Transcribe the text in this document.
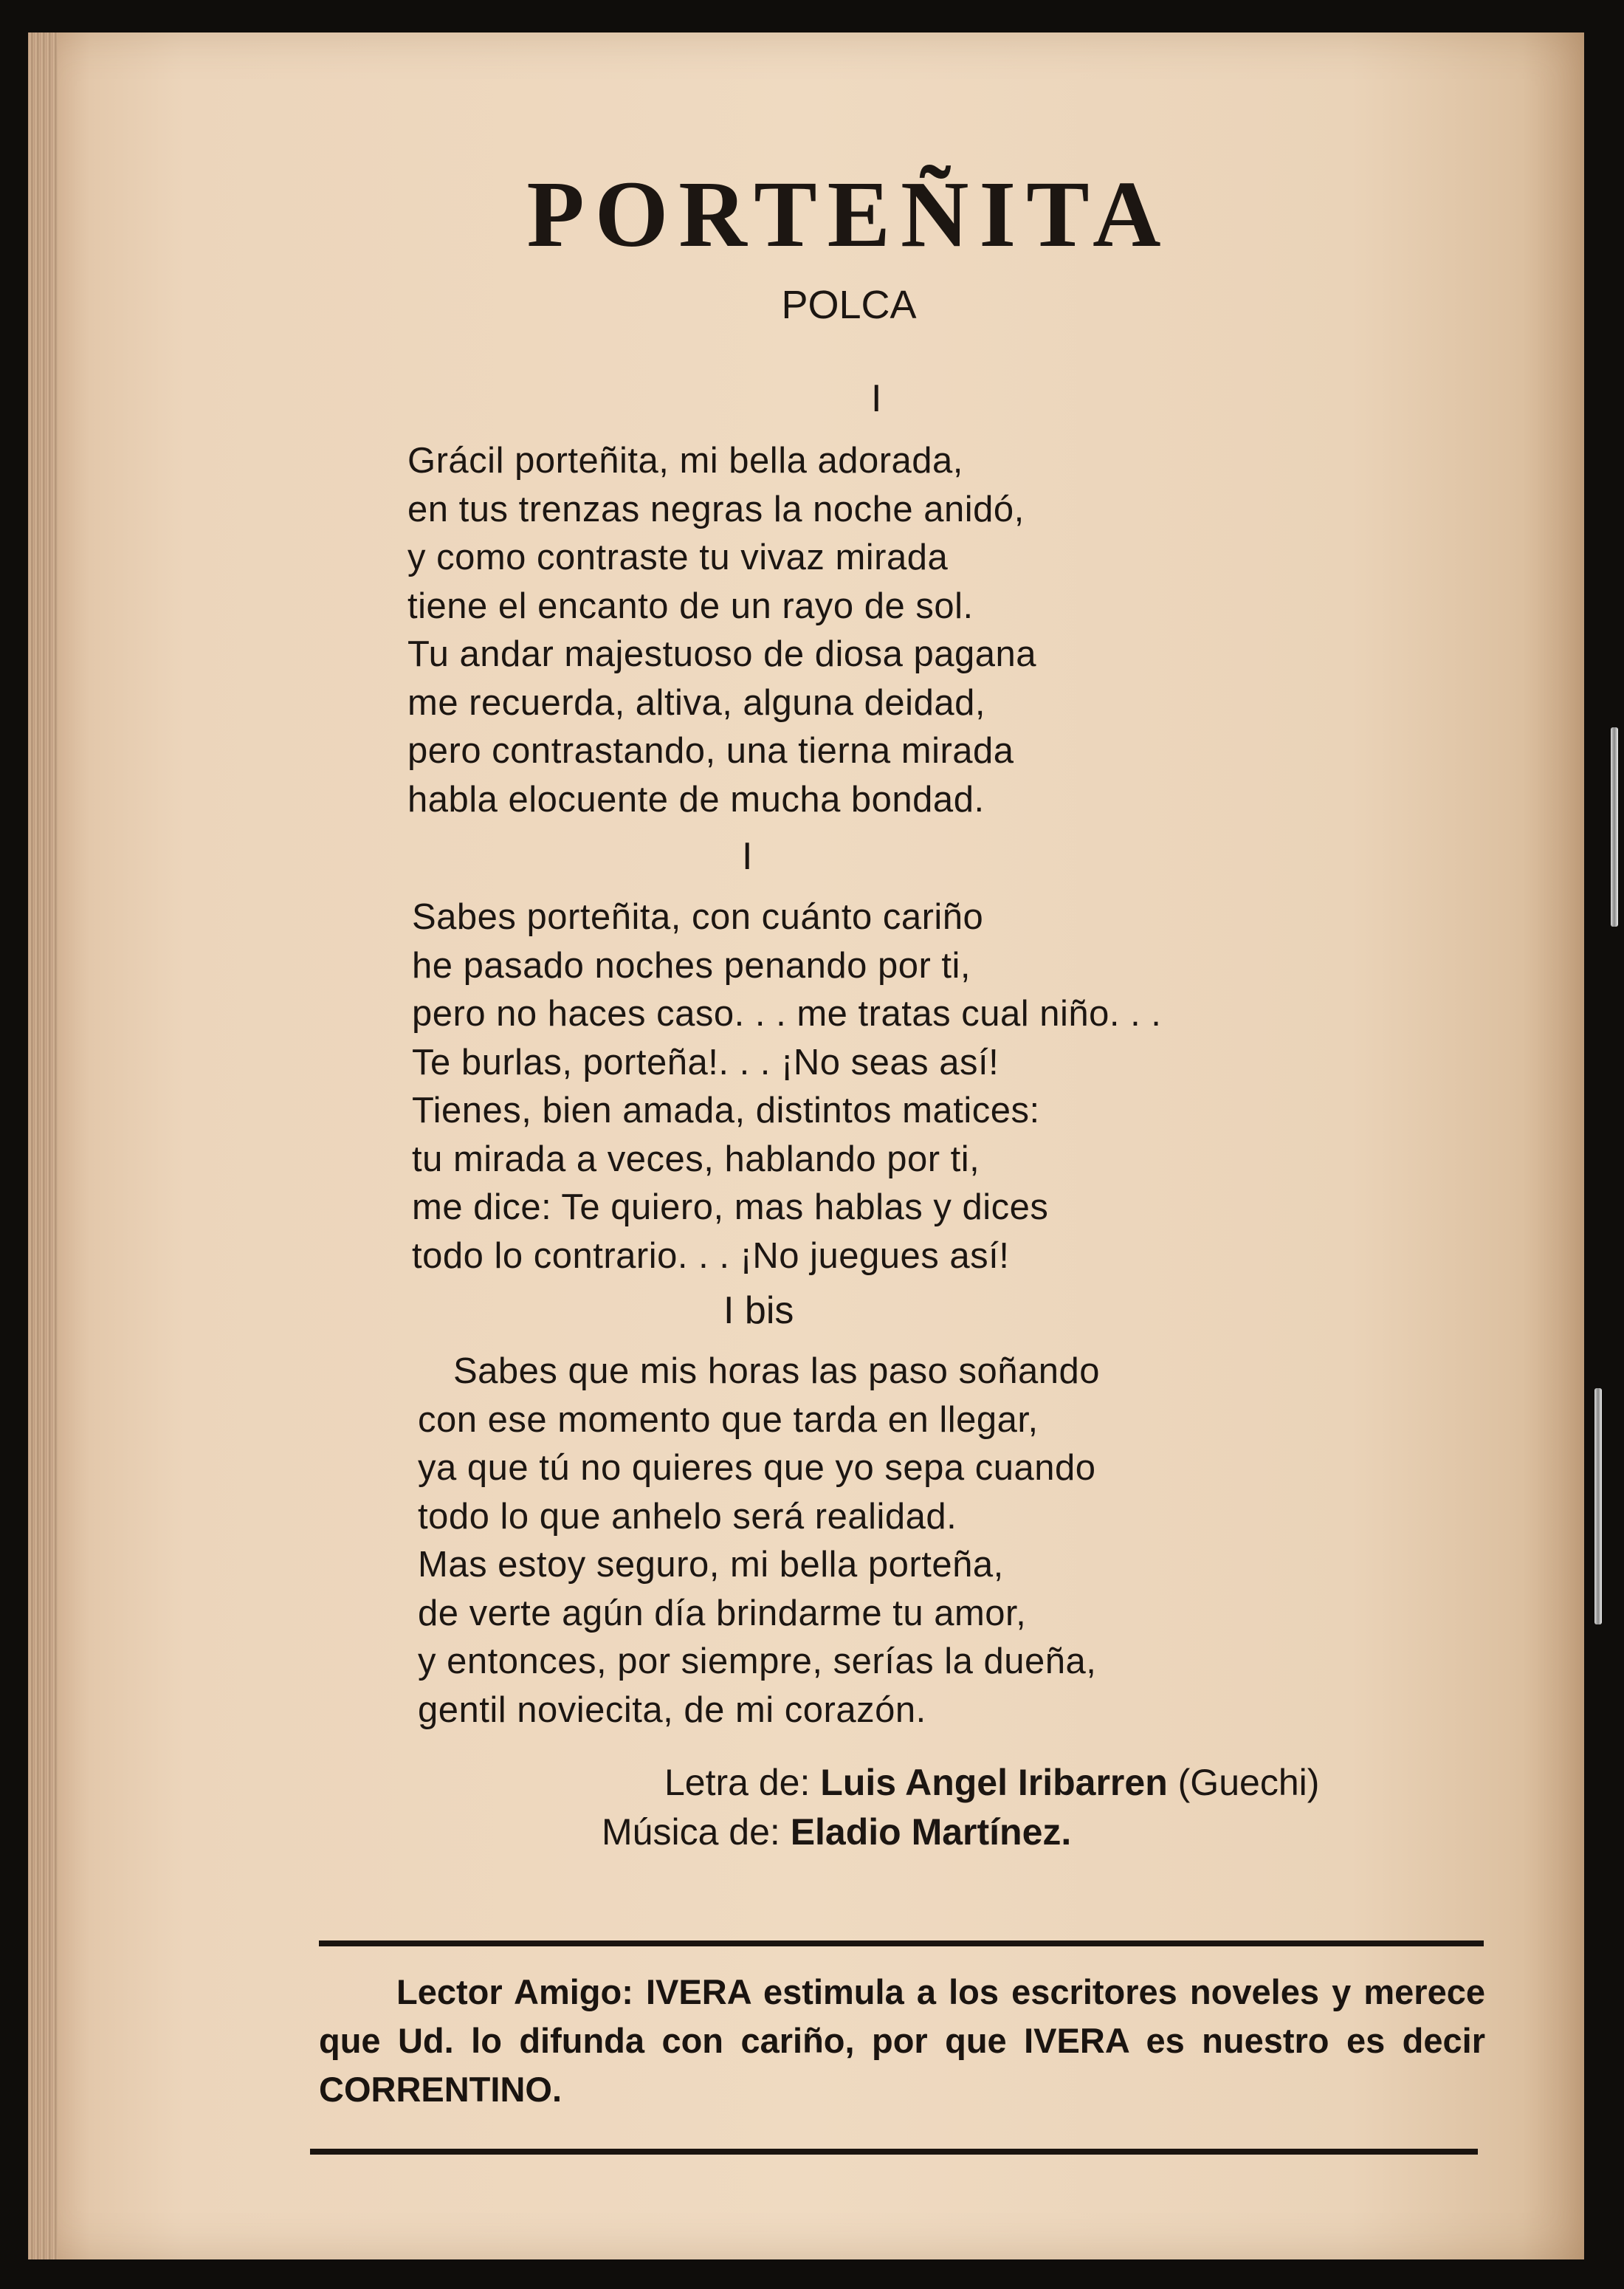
PORTEÑITA
POLCA
I
Grácil porteñita, mi bella adorada,
en tus trenzas negras la noche anidó,
y como contraste tu vivaz mirada
tiene el encanto de un rayo de sol.
Tu andar majestuoso de diosa pagana
me recuerda, altiva, alguna deidad,
pero contrastando, una tierna mirada
habla elocuente de mucha bondad.
I
Sabes porteñita, con cuánto cariño
he pasado noches penando por ti,
pero no haces caso. . . me tratas cual niño. . .
Te burlas, porteña!. . . ¡No seas así!
Tienes, bien amada, distintos matices:
tu mirada a veces, hablando por ti,
me dice: Te quiero, mas hablas y dices
todo lo contrario. . . ¡No juegues así!
I bis
Sabes que mis horas las paso soñando
con ese momento que tarda en llegar,
ya que tú no quieres que yo sepa cuando
todo lo que anhelo será realidad.
Mas estoy seguro, mi bella porteña,
de verte agún día brindarme tu amor,
y entonces, por siempre, serías la dueña,
gentil noviecita, de mi corazón.
Letra de: Luis Angel Iribarren (Guechi)
Música de: Eladio Martínez.

Lector Amigo: IVERA estimula a los escritores noveles y merece que Ud. lo difunda con cariño, por que IVERA es nuestro es decir CORRENTINO.
